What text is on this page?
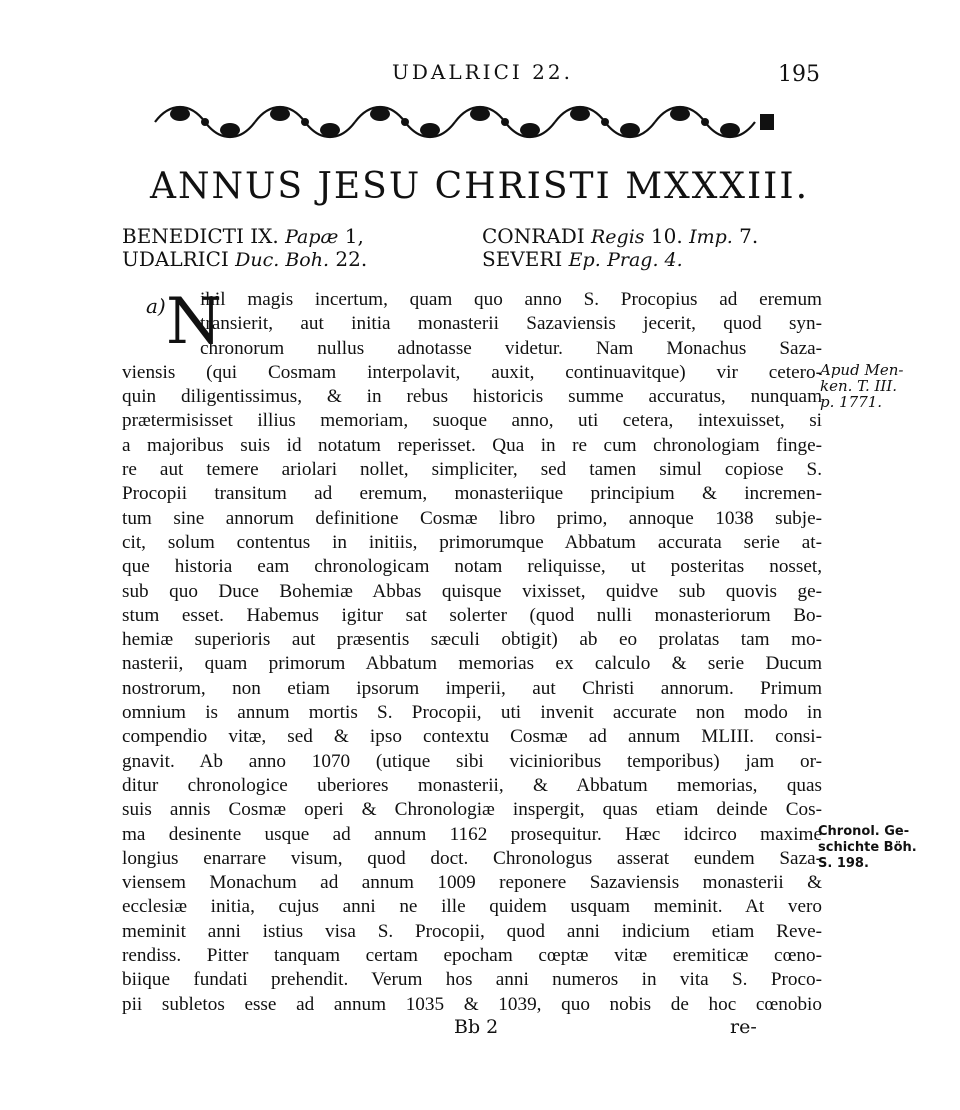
UDALRICI 22.	195
ANNUS JESU CHRISTI MXXXIII.
BENEDICTI IX. Papæ 1,
UDALRICI Duc. Boh. 22.
CONRADI Regis 10. Imp. 7.
SEVERI Ep. Prag. 4.
a) N
ihil magis incertum, quam quo anno S. Procopius ad eremum
transierit, aut initia monasterii Sazaviensis jecerit, quod syn-
chronorum nullus adnotasse videtur. Nam Monachus Saza-
viensis (qui Cosmam interpolavit, auxit, continuavitque) vir cetero-
quin diligentissimus, & in rebus historicis summe accuratus, nunquam
prætermisisset illius memoriam, suoque anno, uti cetera, intexuisset, si
a majoribus suis id notatum reperisset. Qua in re cum chronologiam finge-
re aut temere ariolari nollet, simpliciter, sed tamen simul copiose S.
Procopii transitum ad eremum, monasteriique principium & incremen-
tum sine annorum definitione Cosmæ libro primo, annoque 1038 subje-
cit, solum contentus in initiis, primorumque Abbatum accurata serie at-
que historia eam chronologicam notam reliquisse, ut posteritas nosset,
sub quo Duce Bohemiæ Abbas quisque vixisset, quidve sub quovis ge-
stum esset. Habemus igitur sat solerter (quod nulli monasteriorum Bo-
hemiæ superioris aut præsentis sæculi obtigit) ab eo prolatas tam mo-
nasterii, quam primorum Abbatum memorias ex calculo & serie Ducum
nostrorum, non etiam ipsorum imperii, aut Christi annorum. Primum
omnium is annum mortis S. Procopii, uti invenit accurate non modo in
compendio vitæ, sed & ipso contextu Cosmæ ad annum MLIII. consi-
gnavit. Ab anno 1070 (utique sibi vicinioribus temporibus) jam or-
ditur chronologice uberiores monasterii, & Abbatum memorias, quas
suis annis Cosmæ operi & Chronologiæ inspergit, quas etiam deinde Cos-
ma desinente usque ad annum 1162 prosequitur. Hæc idcirco maxime
longius enarrare visum, quod doct. Chronologus asserat eundem Saza-
viensem Monachum ad annum 1009 reponere Sazaviensis monasterii &
ecclesiæ initia, cujus anni ne ille quidem usquam meminit. At vero
meminit anni istius visa S. Procopii, quod anni indicium etiam Reve-
rendiss. Pitter tanquam certam epocham cœptæ vitæ eremiticæ cœno-
biique fundati prehendit. Verum hos anni numeros in vita S. Proco-
pii subletos esse ad annum 1035 & 1039, quo nobis de hoc cœnobio
Apud Men-
ken. T. III.
p. 1771.
Chronol. Ge-
schichte Böh.
S. 198.
Bb 2	re-
